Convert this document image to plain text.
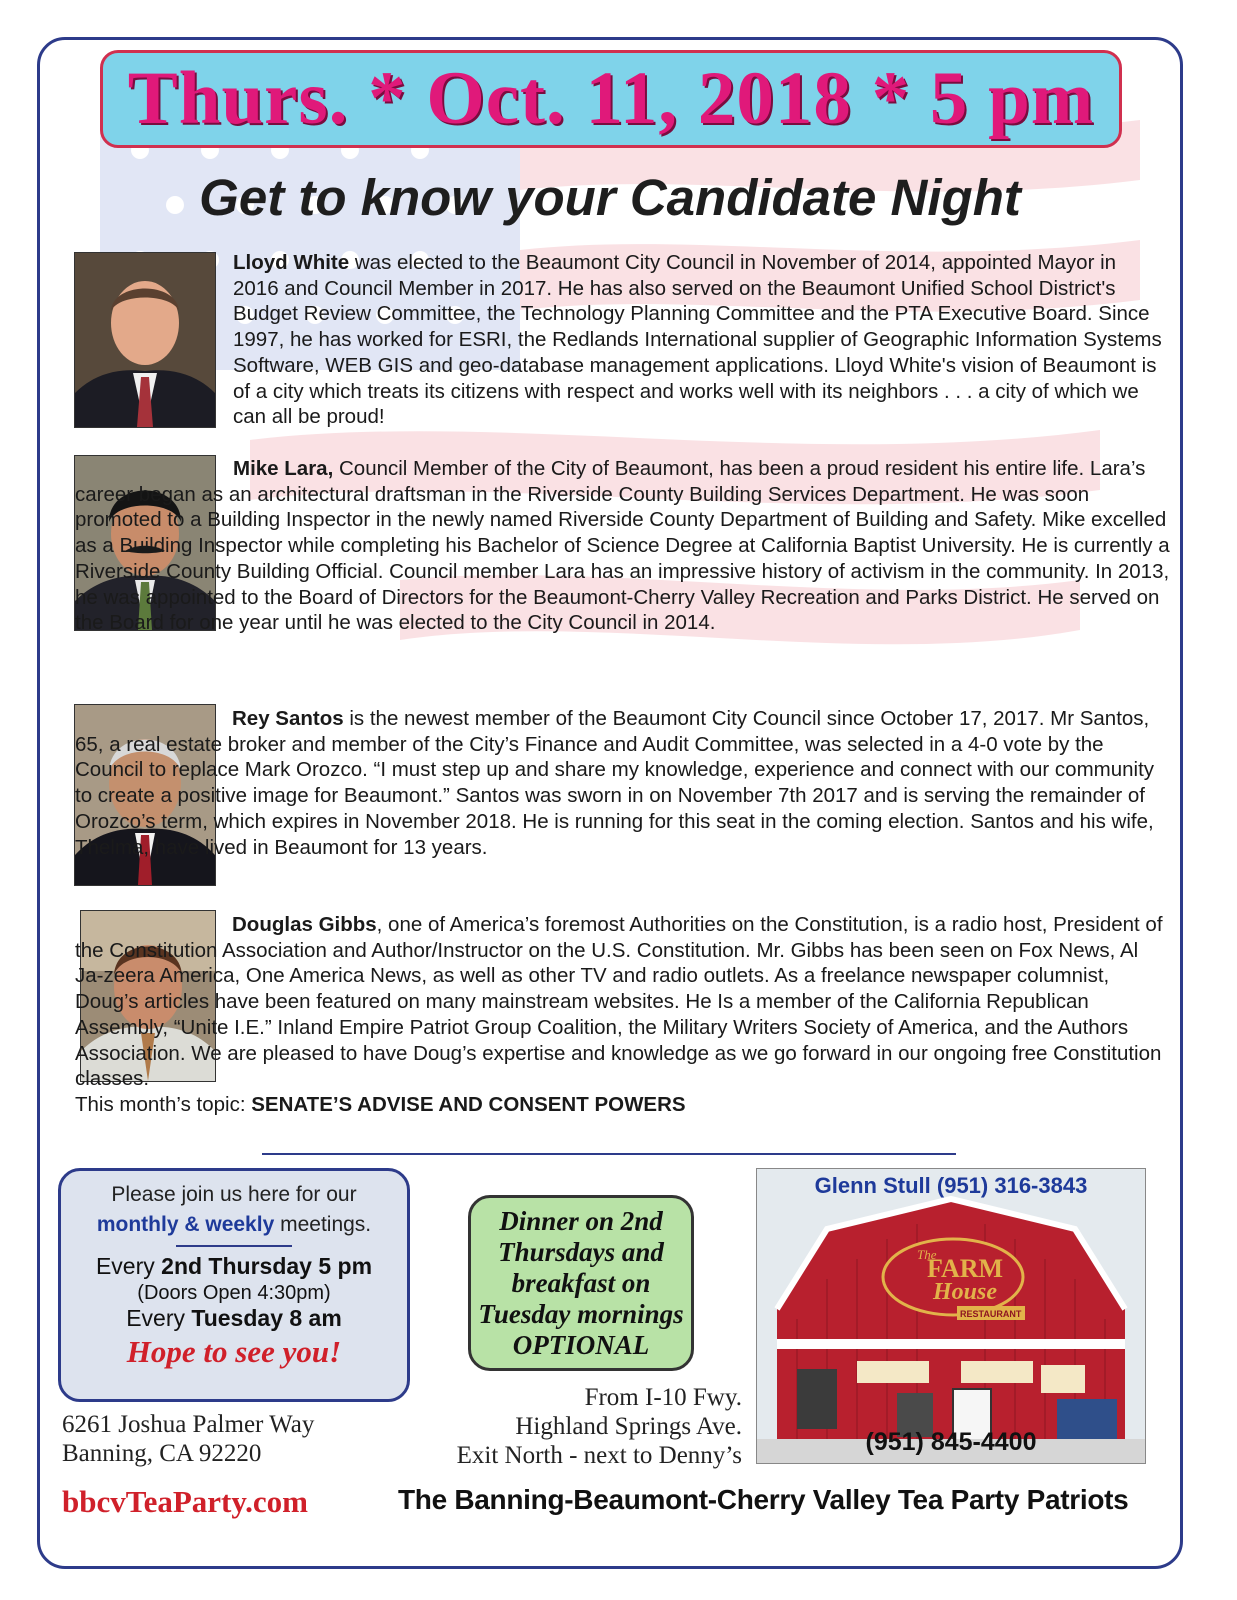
Thurs. * Oct. 11, 2018 * 5 pm
Get to know your Candidate Night
Lloyd White was elected to the Beaumont City Council in November of 2014, appointed Mayor in 2016 and Council Member in 2017. He has also served on the Beaumont Unified School District's Budget Review Committee, the Technology Planning Committee and the PTA Executive Board. Since 1997, he has worked for ESRI, the Redlands International supplier of Geographic Information Systems Software, WEB GIS and geo-database management applications. Lloyd White's vision of Beaumont is of a city which treats its citizens with respect and works well with its neighbors . . . a city of which we can all be proud!
Mike Lara, Council Member of the City of Beaumont, has been a proud resident his entire life. Lara’s career began as an architectural draftsman in the Riverside County Building Services Department. He was soon promoted to a Building Inspector in the newly named Riverside County Department of Building and Safety. Mike excelled as a Building Inspector while completing his Bachelor of Science Degree at California Baptist University. He is currently a Riverside County Building Official. Council member Lara has an impressive history of activism in the community. In 2013, he was appointed to the Board of Directors for the Beaumont-Cherry Valley Recreation and Parks District. He served on the Board for one year until he was elected to the City Council in 2014.
Rey Santos is the newest member of the Beaumont City Council since October 17, 2017. Mr Santos, 65, a real estate broker and member of the City’s Finance and Audit Committee, was selected in a 4-0 vote by the Council to replace Mark Orozco. “I must step up and share my knowledge, experience and connect with our community to create a positive image for Beaumont.” Santos was sworn in on November 7th 2017 and is serving the remainder of Orozco’s term, which expires in November 2018. He is running for this seat in the coming election. Santos and his wife, Thelma, have lived in Beaumont for 13 years.
Douglas Gibbs, one of America’s foremost Authorities on the Constitution, is a radio host, President of the Constitution Association and Author/Instructor on the U.S. Constitution. Mr. Gibbs has been seen on Fox News, Al Ja-zeera America, One America News, as well as other TV and radio outlets. As a freelance newspaper columnist, Doug’s articles have been featured on many mainstream websites. He Is a member of the California Republican Assembly, “Unite I.E.” Inland Empire Patriot Group Coalition, the Military Writers Society of America, and the Authors Association. We are pleased to have Doug’s expertise and knowledge as we go forward in our ongoing free Constitution classes.
This month’s topic: SENATE’S ADVISE AND CONSENT POWERS
Please join us here for our
monthly & weekly meetings.
Every 2nd Thursday 5 pm
(Doors Open 4:30pm)
Every Tuesday 8 am
Hope to see you!
Dinner on 2nd
Thursdays and
breakfast on
Tuesday mornings
OPTIONAL
6261 Joshua Palmer Way
Banning, CA 92220
From I-10 Fwy.
Highland Springs Ave.
Exit North - next to Denny’s
Glenn Stull (951) 316-3843
The
FARM
House
RESTAURANT
(951) 845-4400
bbcvTeaParty.com	The Banning-Beaumont-Cherry Valley Tea Party Patriots
